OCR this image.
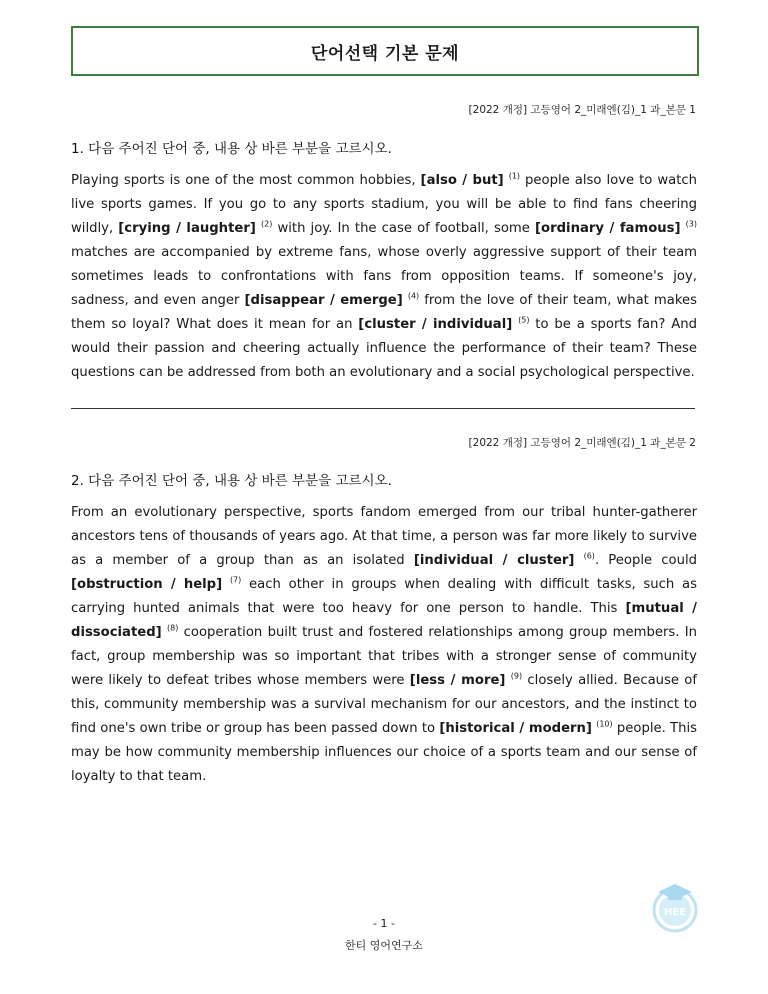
단어선택 기본 문제
[2022 개정] 고등영어 2_미래엔(김)_1 과_본문 1
1. 다음 주어진 단어 중, 내용 상 바른 부분을 고르시오.
Playing sports is one of the most common hobbies, [also / but] $^{(1)}$ people also love to watch live sports games. If you go to any sports stadium, you will be able to find fans cheering wildly, [crying / laughter] $^{(2)}$ with joy. In the case of football, some [ordinary / famous] $^{(3)}$ matches are accompanied by extreme fans, whose overly aggressive support of their team sometimes leads to confrontations with fans from opposition teams. If someone's joy, sadness, and even anger [disappear / emerge] $^{(4)}$ from the love of their team, what makes them so loyal? What does it mean for an [cluster / individual] $^{(5)}$ to be a sports fan? And would their passion and cheering actually influence the performance of their team? These questions can be addressed from both an evolutionary and a social psychological perspective.
[2022 개정] 고등영어 2_미래엔(김)_1 과_본문 2
2. 다음 주어진 단어 중, 내용 상 바른 부분을 고르시오.
From an evolutionary perspective, sports fandom emerged from our tribal hunter-gatherer ancestors tens of thousands of years ago. At that time, a person was far more likely to survive as a member of a group than as an isolated [individual / cluster] $^{(6)}$. People could [obstruction / help] $^{(7)}$ each other in groups when dealing with difficult tasks, such as carrying hunted animals that were too heavy for one person to handle. This [mutual / dissociated] $^{(8)}$ cooperation built trust and fostered relationships among group members. In fact, group membership was so important that tribes with a stronger sense of community were likely to defeat tribes whose members were [less / more] $^{(9)}$ closely allied. Because of this, community membership was a survival mechanism for our ancestors, and the instinct to find one's own tribe or group has been passed down to [historical / modern] $^{(10)}$ people. This may be how community membership influences our choice of a sports team and our sense of loyalty to that team.
- 1 -
한티 영어연구소
HEE
